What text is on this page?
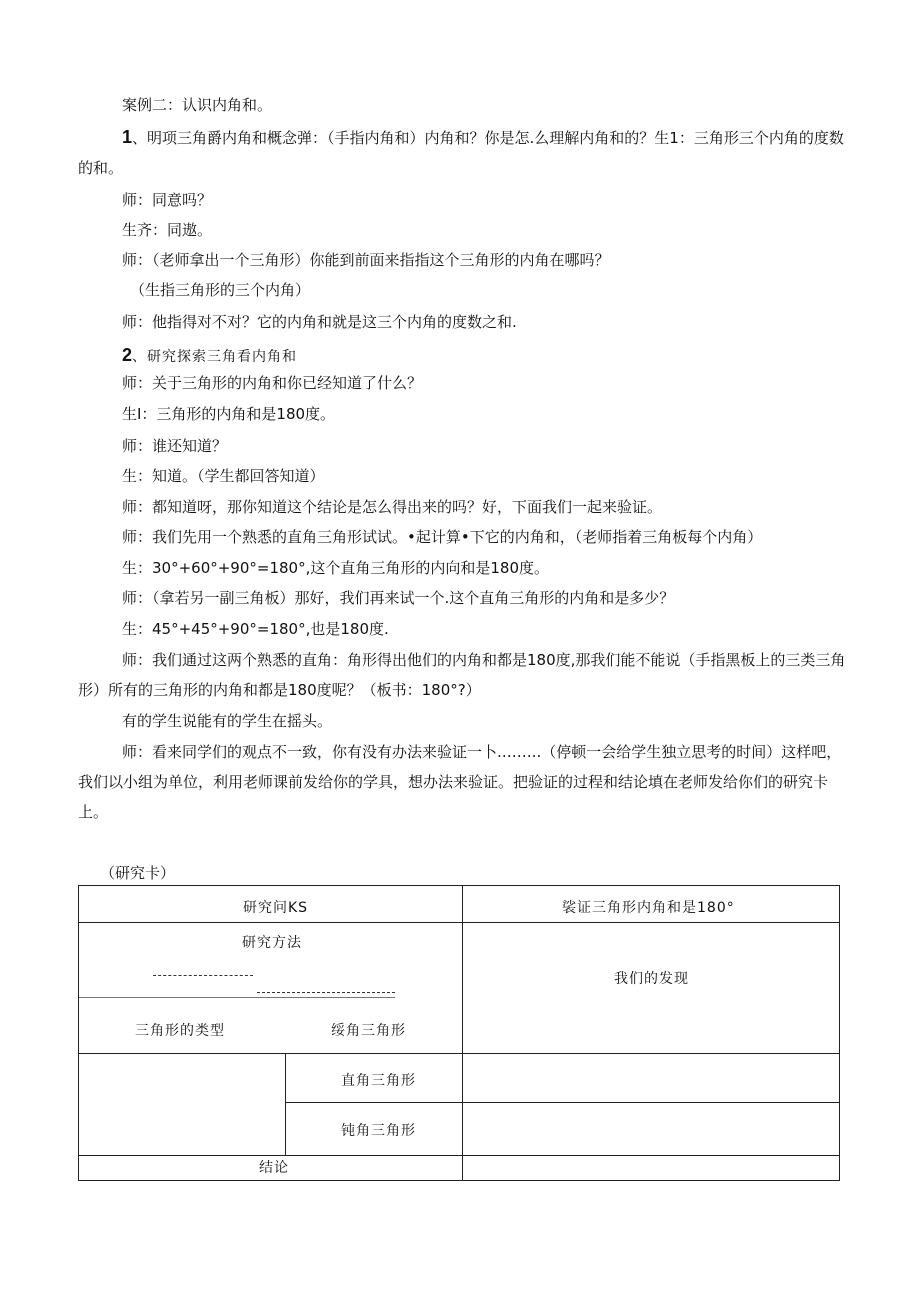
案例二：认识内角和。
1、明项三角爵内角和概念弹：（手指内角和）内角和？你是怎.么理解内角和的？生1：三角形三个内角的度数的和。
师：同意吗？
生齐：同遨。
师：（老师拿出一个三角形）你能到前面来指指这个三角形的内角在哪吗？
（生指三角形的三个内角）
师：他指得对不对？它的内角和就是这三个内角的度数之和.
2、研究探索三角看内角和
师：关于三角形的内角和你已经知道了什么？
生I：三角形的内角和是180度。
师：谁还知道？
生：知道。（学生都回答知道）
师：都知道呀，那你知道这个结论是怎么得出来的吗？好，下面我们一起来验证。
师：我们先用一个熟悉的直角三角形试试。•起计算•下它的内角和，（老师指着三角板每个内角）
生：30°+60°+90°=180°,这个直角三角形的内向和是180度。
师：（拿若另一副三角板）那好，我们再来试一个.这个直角三角形的内角和是多少？
生：45°+45°+90°=180°,也是180度.
师：我们通过这两个熟悉的直角：角形得出他们的内角和都是180度,那我们能不能说（手指黑板上的三类三角形）所有的三角形的内角和都是180度呢？（板书：180°?）
有的学生说能有的学生在摇头。
师：看来同学们的观点不一致，你有没有办法来验证一卜.……..（停顿一会给学生独立思考的时间）这样吧，我们以小组为单位，利用老师课前发给你的学具，想办法来验证。把验证的过程和结论填在老师发给你们的研究卡上。
（研究卡）
研究问KS	裟证三角形内角和是180°
研究方法
我们的发现
三角形的类型	绥角三角形
直角三角形
钝角三角形
结论
